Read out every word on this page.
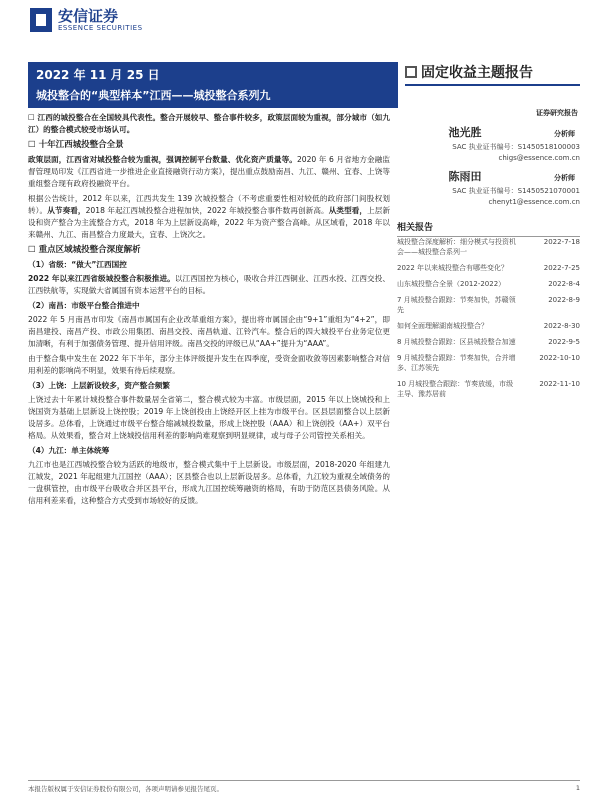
安信证券
ESSENCE SECURITIES
2022 年 11 月 25 日
城投整合的“典型样本”江西——城投整合系列九
固定收益主题报告
证券研究报告
池光胜	分析师
SAC 执业证书编号：S1450518100003
chigs@essence.com.cn
陈雨田	分析师
SAC 执业证书编号：S1450521070001
chenyt1@essence.com.cn
相关报告
城投整合深度解析：细分模式与投资机会——城投整合系列一
2022-7-18
2022 年以来城投整合有哪些变化？	2022-7-25
山东城投整合全景（2012-2022）	2022-8-4
7 月城投整合跟踪：节奏加快，苏赣领先
2022-8-9
如何全面理解湖南城投整合？	2022-8-30
8 月城投整合跟踪：区县城投整合加速	2022-9-5
9 月城投整合跟踪：节奏加快，合并增多、江苏领先
2022-10-10
10 月城投整合跟踪：节奏放缓，市级主导、豫苏居前
2022-11-10

☐ 江西的城投整合在全国较具代表性。整合开展较早、整合事件较多，政策层面较为重视，部分城市（如九江）的整合模式较受市场认可。

☐ 十年江西城投整合全景

政策层面，江西省对城投整合较为重视，强调控制平台数量、优化资产质量等。2020 年 6 月省地方金融监督管理局印发《江西省进一步推进企业直接融资行动方案》，提出重点鼓励南昌、九江、赣州、宜春、上饶等重组整合现有政府投融资平台。

根据公告统计，2012 年以来，江西共发生 139 次城投整合（不考虑重要性相对较低的政府部门间股权划转）。从节奏看，2018 年起江西城投整合进程加快，2022 年城投整合事件数再创新高。从类型看，上层新设和资产整合为主流整合方式，2018 年为上层新设高峰，2022 年为资产整合高峰。从区域看，2018 年以来赣州、九江、南昌整合力度最大，宜春、上饶次之。

☐ 重点区域城投整合深度解析
（1）省级：“做大”江西国控

2022 年以来江西省级城投整合积极推进。以江西国控为核心，吸收合并江西铜业、江西水投、江西交投、江西铁航等，实现做大省属国有资本运营平台的目标。

（2）南昌：市级平台整合推进中

2022 年 5 月南昌市印发《南昌市属国有企业改革重组方案》，提出将市属国企由“9+1”重组为“4+2”，即南昌建投、南昌产投、市政公用集团、南昌交投、南昌轨道、江铃汽车。整合后的四大城投平台业务定位更加清晰，有利于加强债务管理、提升信用评级。南昌交投的评级已从“AA+”提升为“AAA”。

由于整合集中发生在 2022 年下半年，部分主体评级提升发生在四季度，受资金面收敛等因素影响整合对信用利差的影响尚不明显，效果有待后续观察。

（3）上饶：上层新设较多，资产整合频繁

上饶过去十年累计城投整合事件数量居全省第二，整合模式较为丰富。市级层面，2015 年以上饶城投和上饶国资为基础上层新设上饶控股；2019 年上饶创投由上饶经开区上挂为市级平台。区县层面整合以上层新设居多。总体看，上饶通过市级平台整合缩减城投数量，形成上饶控股（AAA）和上饶创投（AA+）双平台格局。从效果看，整合对上饶城投信用利差的影响尚难观察到明显规律，或与母子公司管控关系相关。

（4）九江：单主体统筹

九江市也是江西城投整合较为活跃的地级市，整合模式集中于上层新设。市级层面，2018-2020 年组建九江城发，2021 年起组建九江国控（AAA）；区县整合也以上层新设居多。总体看，九江较为重视全域债务的一盘棋管控，由市级平台吸收合并区县平台，形成九江国控统筹融资的格局，有助于防范区县债务风险。从信用利差来看，这种整合方式受到市场较好的反馈。

本报告版权属于安信证券股份有限公司，各项声明请参见报告尾页。	1
